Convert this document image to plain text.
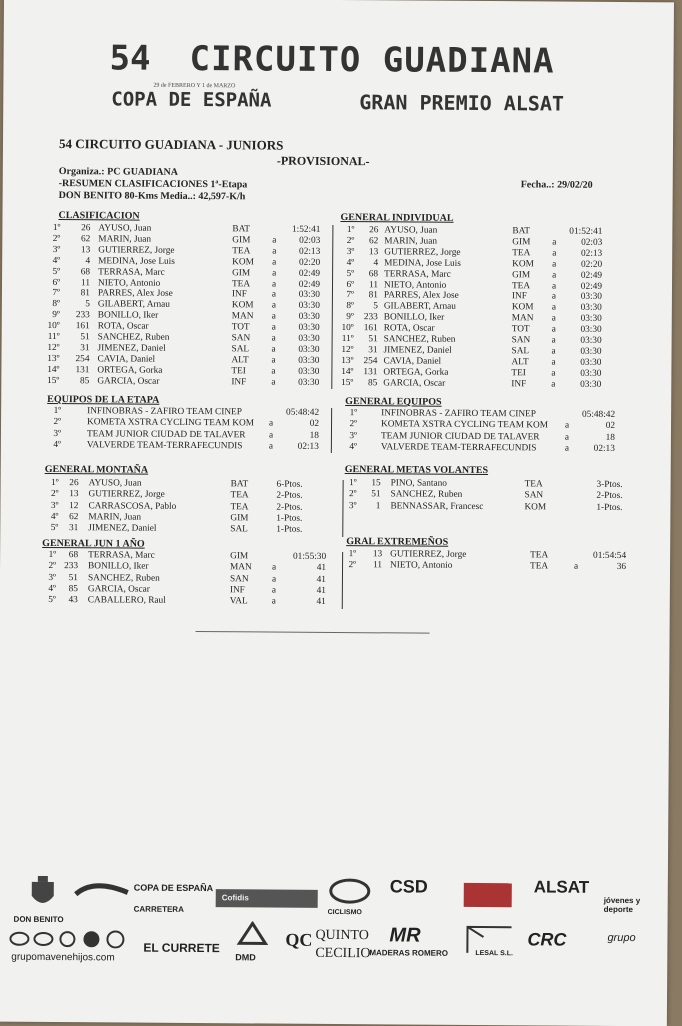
54 CIRCUITO GUADIANA
29 de FEBRERO Y 1 de MARZO
COPA DE ESPAÑA	GRAN PREMIO ALSAT
54 CIRCUITO GUADIANA - JUNIORS
-PROVISIONAL-
Organiza.: PC GUADIANA
-RESUMEN CLASIFICACIONES 1ª-Etapa
DON BENITO 80-Kms Media..: 42,597-K/h
Fecha..: 29/02/20
CLASIFICACION	GENERAL INDIVIDUAL
1º	26 AYUSO, Juan	BAT	1:52:41
2º	62 MARIN, Juan	GIM a	02:03
3º	13 GUTIERREZ, Jorge	TEA a	02:13
4º	4 MEDINA, Jose Luis	KOM a	02:20
5º	68 TERRASA, Marc	GIM a	02:49
6º	11 NIETO, Antonio	TEA a	02:49
7º	81 PARRES, Alex Jose	INF	a	03:30
8º	5 GILABERT, Arnau	KOM a	03:30
9º	233 BONILLO, Iker	MAN a	03:30
10º	161 ROTA, Oscar	TOT a	03:30
11º	51 SANCHEZ, Ruben	SAN a	03:30
12º	31 JIMENEZ, Daniel	SAL a	03:30
13º	254 CAVIA, Daniel	ALT a	03:30
14º	131 ORTEGA, Gorka	TEI	a	03:30
15º	85 GARCIA, Oscar	INF	a	03:30
1º	26 AYUSO, Juan	BAT	01:52:41
2º	62 MARIN, Juan	GIM a	02:03
3º	13 GUTIERREZ, Jorge	TEA a	02:13
4º	4 MEDINA, Jose Luis	KOM a	02:20
5º	68 TERRASA, Marc	GIM a	02:49
6º	11 NIETO, Antonio	TEA a	02:49
7º	81 PARRES, Alex Jose	INF	a	03:30
8º	5 GILABERT, Arnau	KOM a	03:30
9º	233 BONILLO, Iker	MAN a	03:30
10º	161 ROTA, Oscar	TOT a	03:30
11º	51 SANCHEZ, Ruben	SAN a	03:30
12º	31 JIMENEZ, Daniel	SAL a	03:30
13º	254 CAVIA, Daniel	ALT a	03:30
14º	131 ORTEGA, Gorka	TEI	a	03:30
15º	85 GARCIA, Oscar	INF	a	03:30
EQUIPOS DE LA ETAPA	GENERAL EQUIPOS
1º	INFINOBRAS - ZAFIRO TEAM CINEP	05:48:42
2º	KOMETA XSTRA CYCLING TEAM KOM a	02
3º	TEAM JUNIOR CIUDAD DE TALAVER	a	18
4º	VALVERDE TEAM-TERRAFECUNDIS	a	02:13
1º	INFINOBRAS - ZAFIRO TEAM CINEP	05:48:42
2º	KOMETA XSTRA CYCLING TEAM KOM a	02
3º	TEAM JUNIOR CIUDAD DE TALAVER	a	18
4º	VALVERDE TEAM-TERRAFECUNDIS	a	02:13
GENERAL MONTAÑA	GENERAL METAS VOLANTES
1º	26 AYUSO, Juan	BAT	6-Ptos.
2º	13 GUTIERREZ, Jorge	TEA	2-Ptos.
3º	12 CARRASCOSA, Pablo	TEA	2-Ptos.
4º	62 MARIN, Juan	GIM	1-Ptos.
5º	31 JIMENEZ, Daniel	SAL	1-Ptos.
1º	15 PINO, Santano	TEA	3-Ptos.
2º	51 SANCHEZ, Ruben	SAN	2-Ptos.
3º	1 BENNASSAR, Francesc	KOM	1-Ptos.
GENERAL JUN 1 AÑO	GRAL EXTREMEÑOS
1º	68 TERRASA, Marc	GIM	01:55:30
2º 233 BONILLO, Iker	MAN a	41
3º	51 SANCHEZ, Ruben	SAN	a	41
4º	85 GARCIA, Oscar	INF	a	41
5º	43 CABALLERO, Raul	VAL	a	41
1º	13 GUTIERREZ, Jorge	TEA	01:54:54
2º	11 NIETO, Antonio	TEA	a	36
DON BENITO
COPA DE ESPAÑA
CARRETERA
Cofidis
CICLISMO
CSD	ALSAT
jóvenes y deporte
grupomavenehijos.com
EL CURRETE
DMD
QC QUINTO
CECILIO
MADERAS ROMERO
MR
LESAL S.L.
CRC	grupo
